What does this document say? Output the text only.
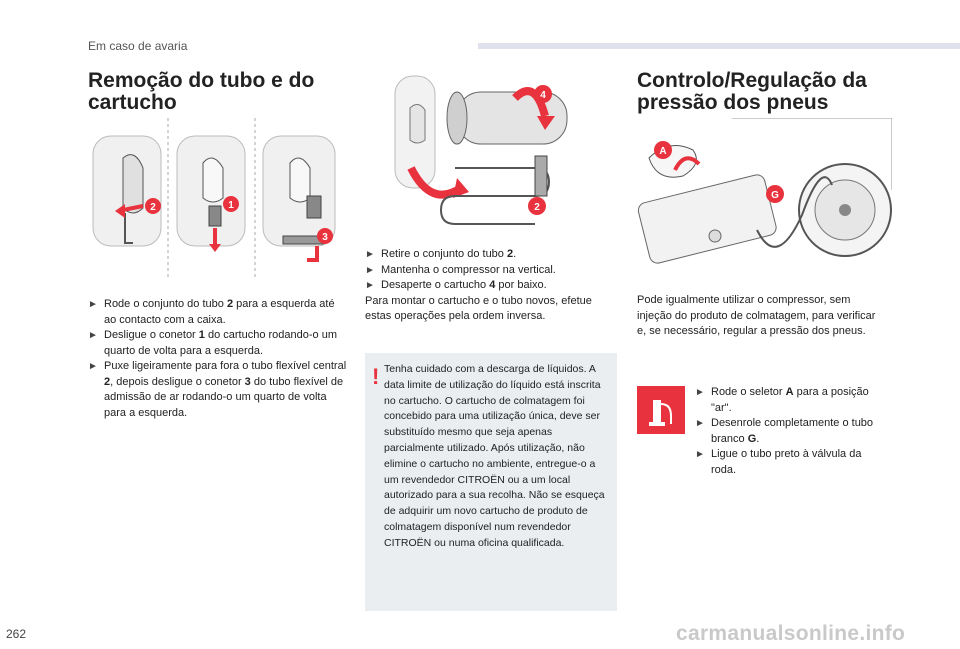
Em caso de avaria
Remoção do tubo e do
cartucho
2	1
3

► Rode o conjunto do tubo 2 para a esquerda até ao contacto com a caixa.

► Desligue o conetor 1 do cartucho rodando-o um quarto de volta para a esquerda.

► Puxe ligeiramente para fora o tubo flexível central 2, depois desligue o conetor 3 do tubo flexível de admissão de ar rodando-o um quarto de volta para a esquerda.

4
2

► Retire o conjunto do tubo 2.

► Mantenha o compressor na vertical.

► Desaperte o cartucho 4 por baixo.

Para montar o cartucho e o tubo novos, efetue estas operações pela ordem inversa.

! Tenha cuidado com a descarga de líquidos. A data limite de utilização do líquido está inscrita no cartucho. O cartucho de colmatagem foi concebido para uma utilização única, deve ser substituído mesmo que seja apenas parcialmente utilizado. Após utilização, não elimine o cartucho no ambiente, entregue-o a um revendedor CITROËN ou a um local autorizado para a sua recolha. Não se esqueça de adquirir um novo cartucho de produto de colmatagem disponível num revendedor CITROËN ou numa oficina qualificada.
Controlo/Regulação da
pressão dos pneus
A
G
Pode igualmente utilizar o compressor, sem injeção do produto de colmatagem, para verificar e, se necessário, regular a pressão dos pneus.

► Rode o seletor A para a posição "ar".

► Desenrole completamente o tubo branco G.

► Ligue o tubo preto à válvula da roda.

262	carmanualsonline.info
